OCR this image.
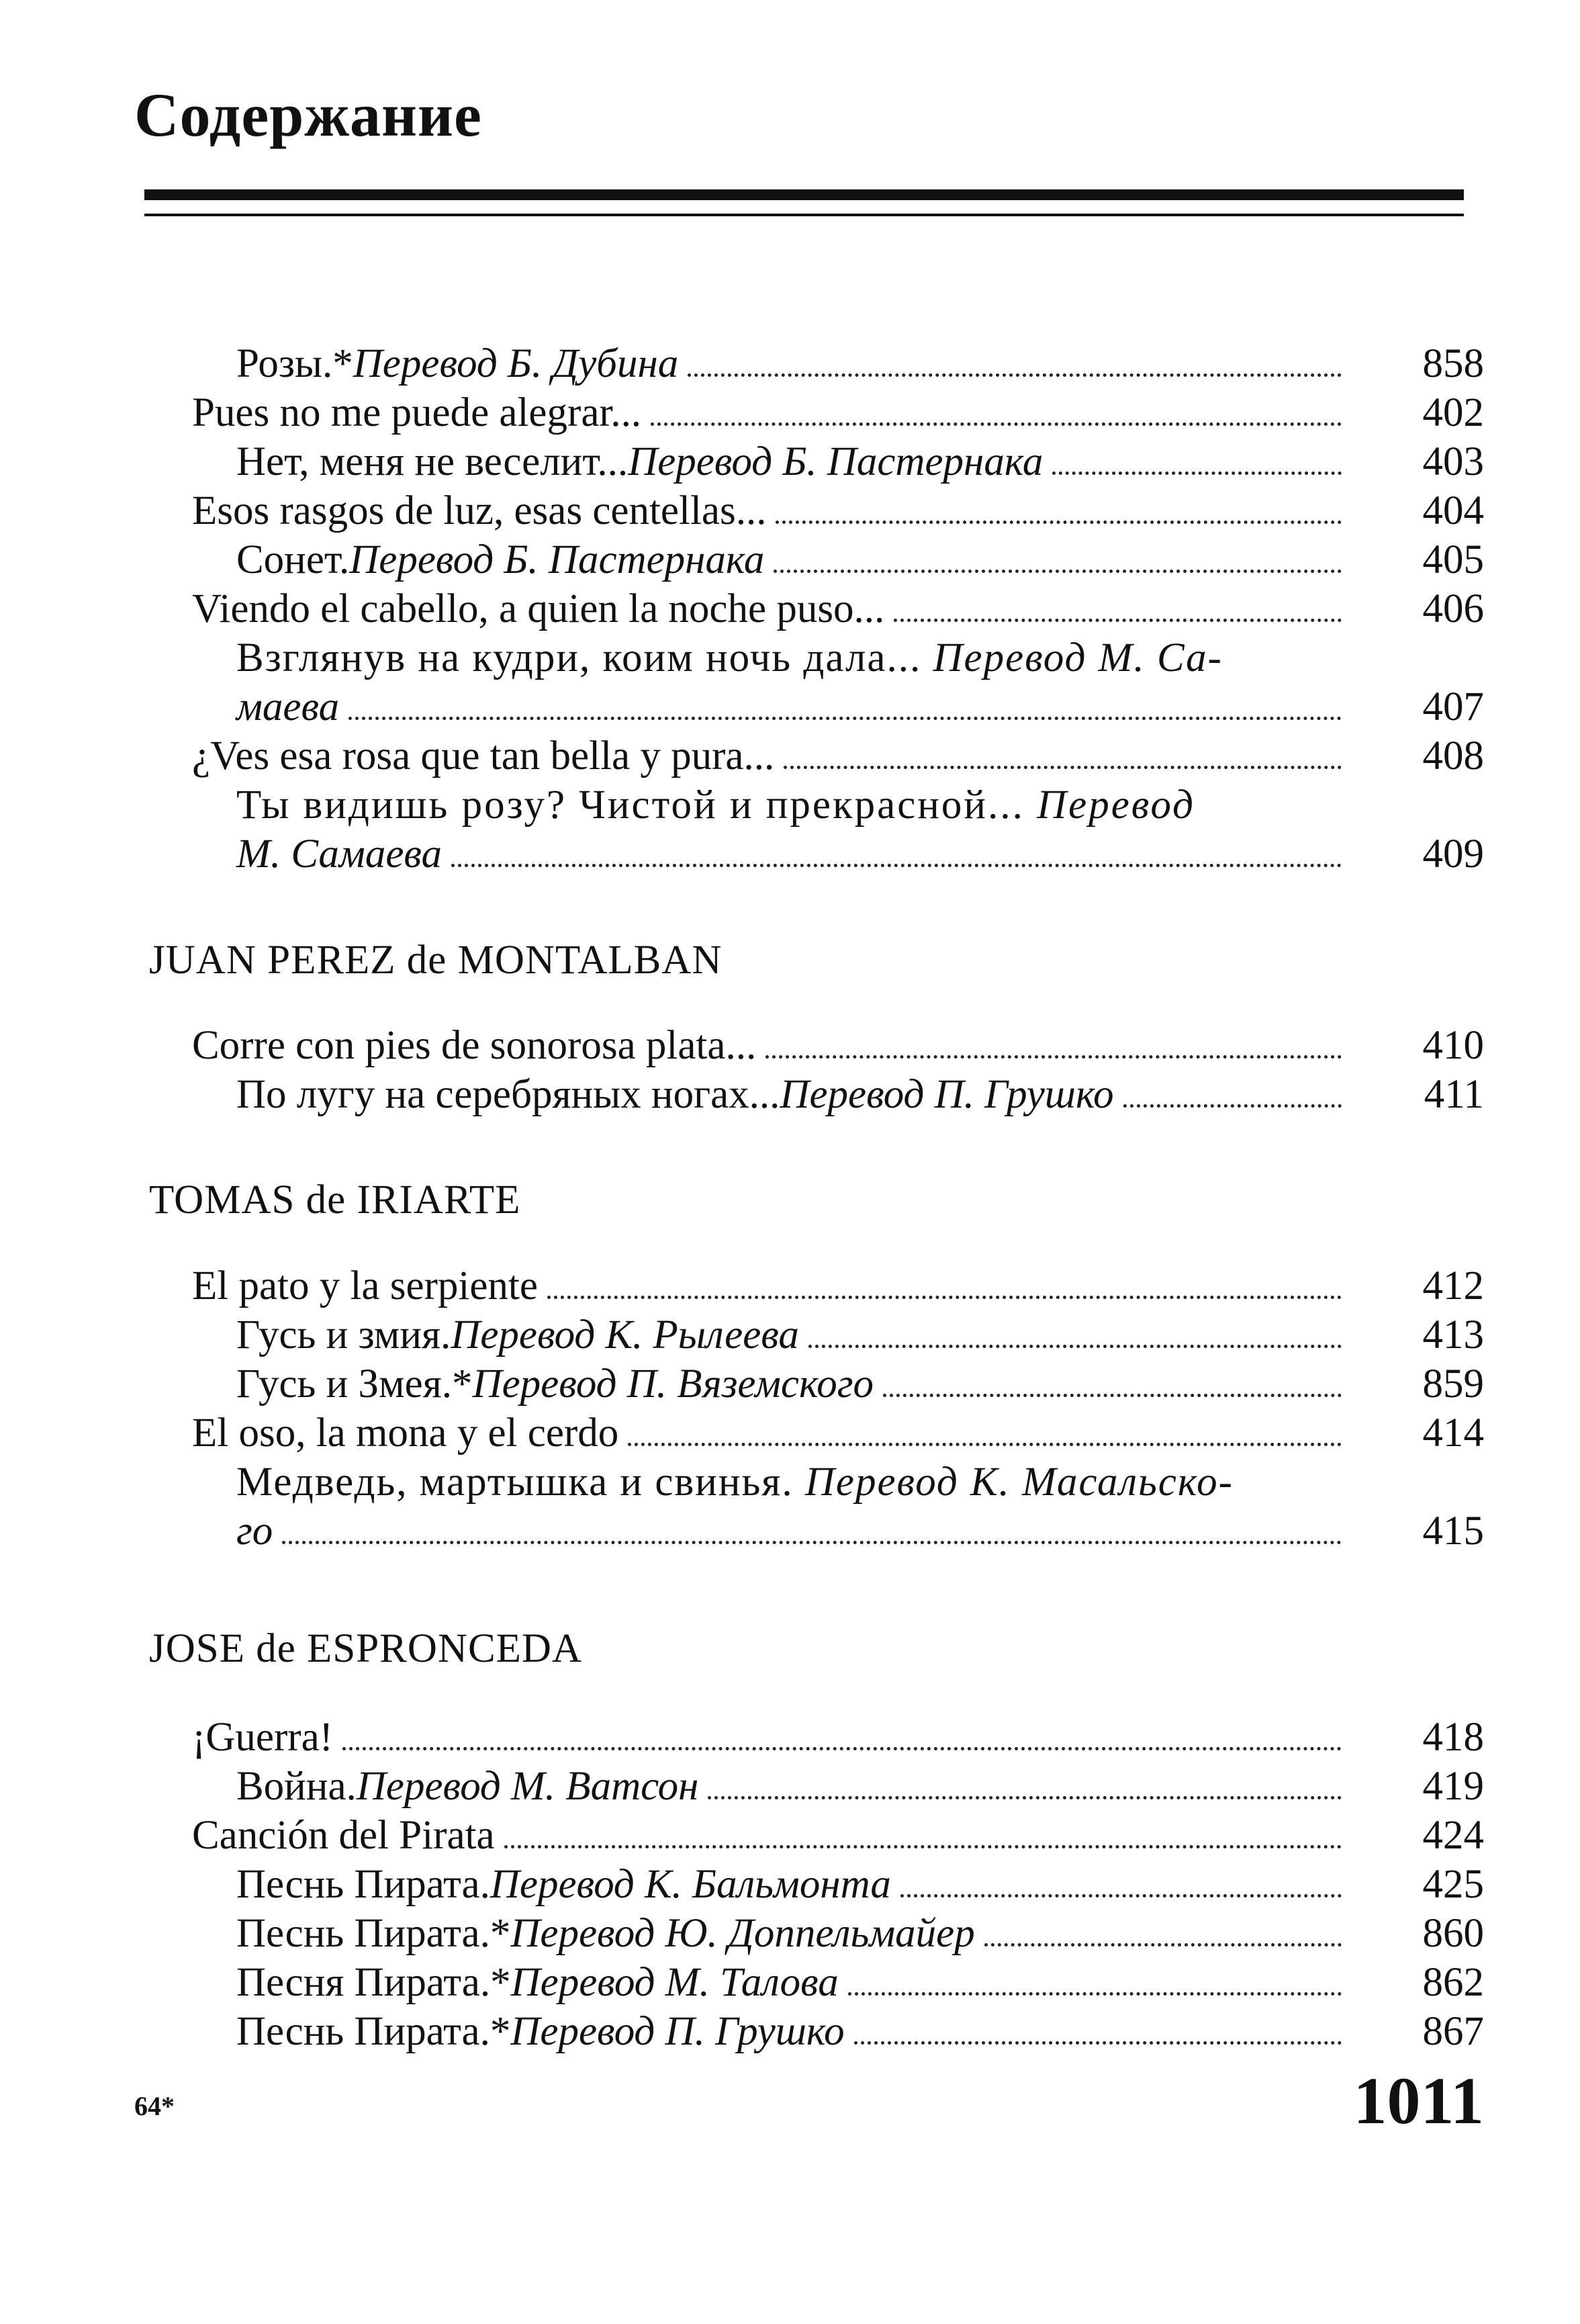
Содержание
Розы.* Перевод Б. Дубина	858
Pues no me puede alegrar...	402
Нет, меня не веселит... Перевод Б. Пастернака	403
Esos rasgos de luz, esas centellas...	404
Сонет. Перевод Б. Пастернака	405
Viendo el cabello, a quien la noche puso...	406
Взглянув на кудри, коим ночь дала... Перевод М. Са-
маева	407
¿Ves esa rosa que tan bella y pura...	408
Ты видишь розу? Чистой и прекрасной... Перевод
М. Самаева	409
JUAN PEREZ de MONTALBAN
Corre con pies de sonorosa plata...	410
По лугу на серебряных ногах... Перевод П. Грушко	411
TOMAS de IRIARTE
El pato y la serpiente	412
Гусь и змия. Перевод К. Рылеева	413
Гусь и Змея.* Перевод П. Вяземского	859
El oso, la mona y el cerdo	414
Медведь, мартышка и свинья. Перевод К. Масальско-
го	415
JOSE de ESPRONCEDA
¡Guerra!	418
Война. Перевод М. Ватсон	419
Canción del Pirata	424
Песнь Пирата. Перевод К. Бальмонта	425
Песнь Пирата.* Перевод Ю. Доппельмайер	860
Песня Пирата.* Перевод М. Талова	862
Песнь Пирата.* Перевод П. Грушко	867
64*	1011
